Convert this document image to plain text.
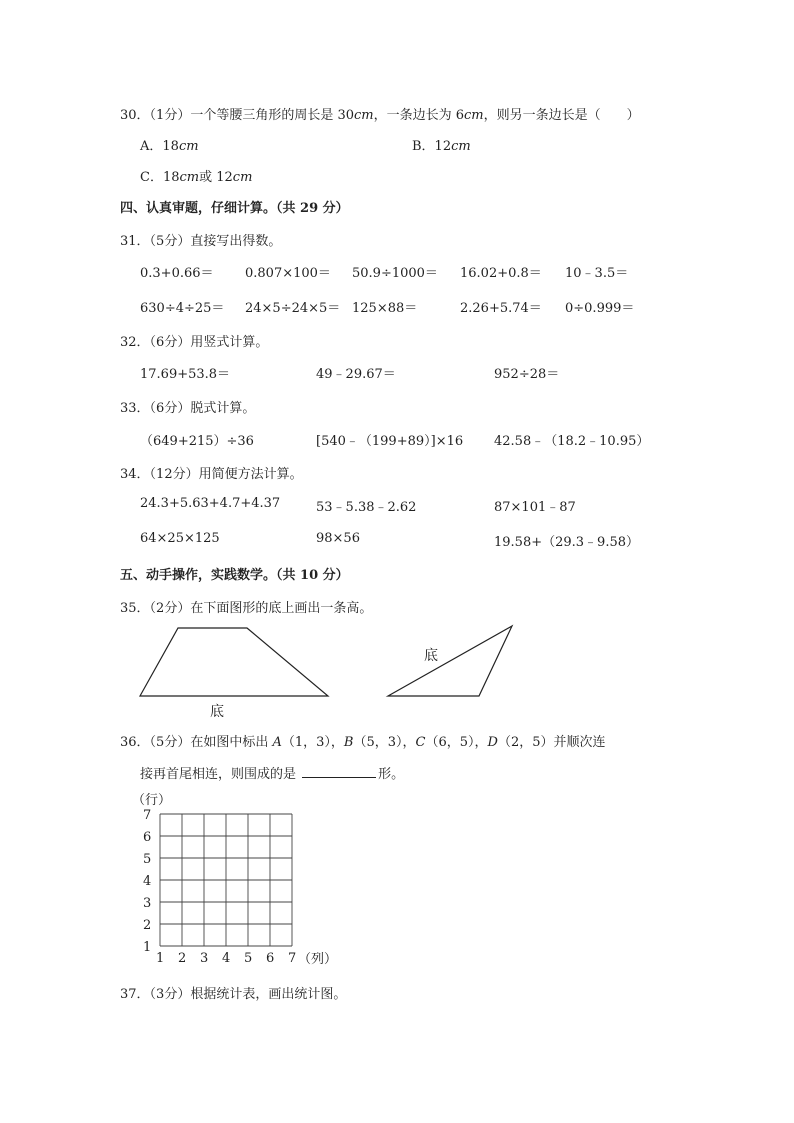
30．（1分）一个等腰三角形的周长是 30cm，一条边长为 6cm，则另一条边长是（　　）
A．18cm	B．12cm
C．18cm或 12cm
四、认真审题，仔细计算。（共 29 分）
31．（5分）直接写出得数。
0.3+0.66＝ 0.807×100＝ 50.9÷1000＝ 16.02+0.8＝ 10﹣3.5＝
630÷4÷25＝ 24×5÷24×5＝ 125×88＝	2.26+5.74＝ 0÷0.999＝
32．（6分）用竖式计算。
17.69+53.8＝	49﹣29.67＝	952÷28＝
33．（6分）脱式计算。
（649+215）÷36	[540﹣（199+89）]×16 42.58﹣（18.2﹣10.95）
34．（12分）用简便方法计算。
24.3+5.63+4.7+4.37	53﹣5.38﹣2.62	87×101﹣87
64×25×125	98×56	19.58+（29.3﹣9.58）
五、动手操作，实践数学。（共 10 分）
35．（2分）在下面图形的底上画出一条高。
底
底
36．（5分）在如图中标出 A（1，3），B（5，3），C（6，5），D（2，5）并顺次连
接再首尾相连，则围成的是	形。
（行）
（列）
1
2
3
4
5
6
7
1 2 3 4 5 6 7
37．（3分）根据统计表，画出统计图。
